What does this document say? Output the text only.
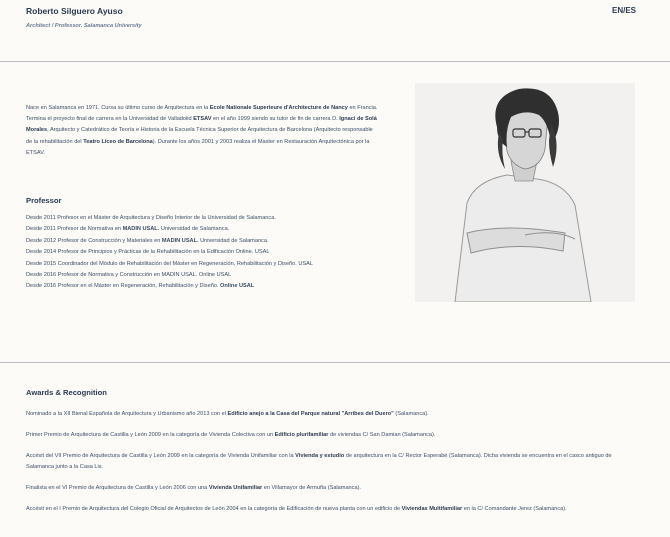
Roberto Silguero Ayuso
Architect / Professor. Salamanca University
EN/ES

Nace en Salamanca en 1971. Cursa su último curso de Arquitectura en la Ecole Nationale Superieure d'Architecture de Nancy en Francia. Termina el proyecto final de carrera en la Universidad de Valladolid ETSAV en el año 1999 siendo su tutor de fin de carrera D. Ignaci de Solá Morales, Arquitecto y Catedrático de Teoría e Historia de la Escuela Técnica Superior de Arquitectura de Barcelona (Arquitecto responsable de la rehabilitación del Teatro Liceo de Barcelona). Durante los años 2001 y 2003 realiza el Master en Restauración Arquitectónica por la ETSAV.

Professor
Desde 2011 Profesor en el Máster de Arquitectura y Diseño Interior de la Universidad de Salamanca.
Desde 2011 Profesor de Normativa en MADIN USAL. Universidad de Salamanca.
Desde 2012 Profesor de Construcción y Materiales en MADIN USAL. Universidad de Salamanca.
Desde 2014 Profesor de Principios y Prácticas de la Rehabilitación en la Edificación Online. USAL
Desde 2015 Coordinador del Módulo de Rehabilitación del Máster en Regeneración, Rehabilitación y Diseño. USAL
Desde 2016 Profesor de Normativa y Construcción en MADIN USAL. Online USAL
Desde 2016 Profesor en el Máster en Regeneración, Rehabilitación y Diseño. Online USAL
Awards & Recognition
Nominado a la XII Bienal Española de Arquitectura y Urbanismo año 2013 con el Edificio anejo a la Casa del Parque natural "Arribes del Duero" (Salamanca).
Primer Premio de Arquitectura de Castilla y León 2009 en la categoría de Vivienda Colectiva con un Edificio plurifamiliar de viviendas C/ San Damian (Salamanca).
Accésit del VII Premio de Arquitectura de Castilla y León 2009 en la categoría de Vivienda Unifamiliar con la Vivienda y estudio de arquitectura en la C/ Rector Esperabé (Salamanca). Dicha vivienda se encuentra en el casco antiguo de Salamanca junto a la Casa Lis.
Finalista en el VI Premio de Arquitectura de Castilla y León 2006 con una Vivienda Unifamiliar en Villamayor de Armuña (Salamanca).
Accésit en el I Premio de Arquitectura del Colegio Oficial de Arquitectos de León 2004 en la categoría de Edificación de nueva planta con un edificio de Viviendas Multifamiliar en la C/ Comandante Jerez (Salamanca).
